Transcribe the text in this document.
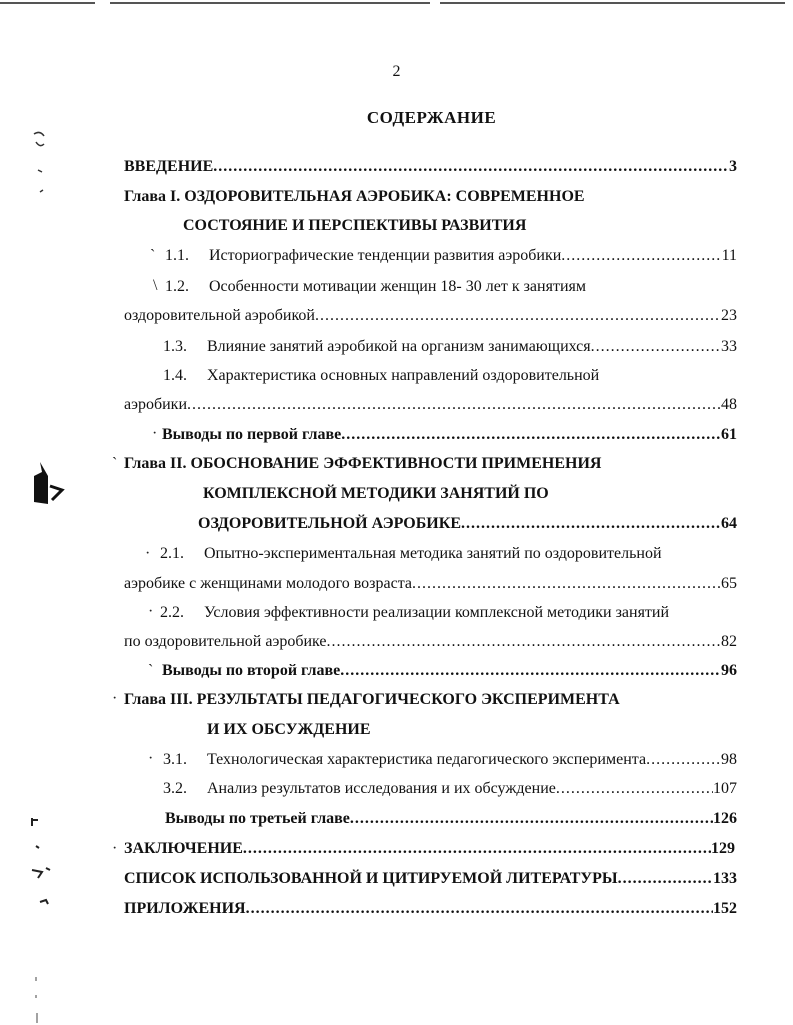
2
СОДЕРЖАНИЕ
ВВЕДЕНИЕ .....	3
Глава I. ОЗДОРОВИТЕЛЬНАЯ АЭРОБИКА: СОВРЕМЕННОЕ
СОСТОЯНИЕ И ПЕРСПЕКТИВЫ РАЗВИТИЯ
1.1. Историографические тенденции развития аэробики .....	11
1.2. Особенности мотивации женщин 18- 30 лет к занятиям
оздоровительной аэробикой .....	23
1.3. Влияние занятий аэробикой на организм занимающихся .....	33
1.4. Характеристика основных направлений оздоровительной
аэробики .....	48
Выводы по первой главе .....	61
Глава II. ОБОСНОВАНИЕ ЭФФЕКТИВНОСТИ ПРИМЕНЕНИЯ
КОМПЛЕКСНОЙ МЕТОДИКИ ЗАНЯТИЙ ПО
ОЗДОРОВИТЕЛЬНОЙ АЭРОБИКЕ .....	64
2.1. Опытно-экспериментальная методика занятий по оздоровительной
аэробике с женщинами молодого возраста .....	65
2.2. Условия эффективности реализации комплексной методики занятий
по оздоровительной аэробике .....	82
Выводы по второй главе .....	96
Глава III. РЕЗУЛЬТАТЫ ПЕДАГОГИЧЕСКОГО ЭКСПЕРИМЕНТА
И ИХ ОБСУЖДЕНИЕ
3.1. Технологическая характеристика педагогического эксперимента .....	98
3.2. Анализ результатов исследования и их обсуждение .....	107
Выводы по третьей главе .....	126
ЗАКЛЮЧЕНИЕ .....	129
СПИСОК ИСПОЛЬЗОВАННОЙ И ЦИТИРУЕМОЙ ЛИТЕРАТУРЫ .....	133
ПРИЛОЖЕНИЯ .....	152
`
\
·
`
·
·
`
·
·
·
